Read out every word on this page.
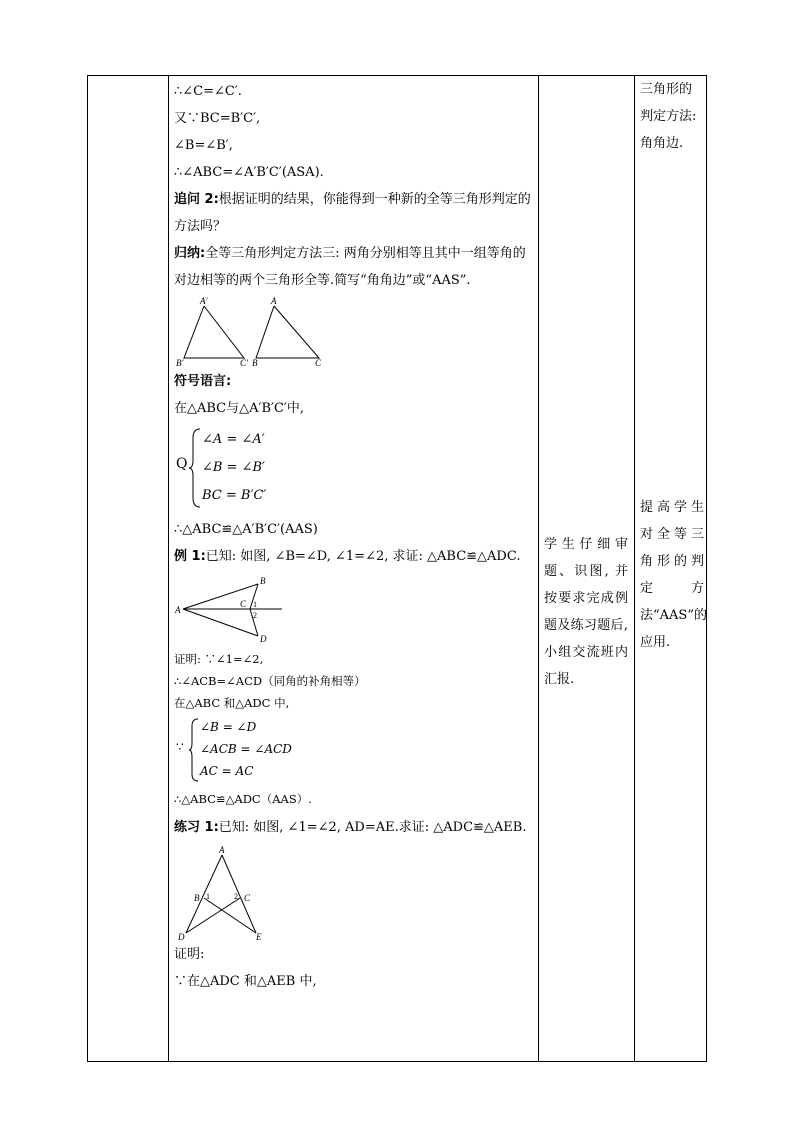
∴∠C=∠C′.
又∵BC=B′C′,
∠B=∠B′,
∴∠ABC=∠A′B′C′(ASA).
追问 2:根据证明的结果，你能得到一种新的全等三角形判定的方法吗？
归纳:全等三角形判定方法三: 两角分别相等且其中一组等角的对边相等的两个三角形全等.简写“角角边”或“AAS”.
A′
B′	C′
A
B	C
符号语言:
在△ABC与△A′B′C′中,
Q
∠A = ∠A′
∠B = ∠B′
BC = B′C′
∴△ABC≌△A′B′C′(AAS)
例 1:已知: 如图, ∠B=∠D, ∠1=∠2, 求证: △ABC≌△ADC.
A
B
C
D
1
2
证明: ∵∠1=∠2,
∴∠ACB=∠ACD（同角的补角相等）
在△ABC 和△ADC 中,
∵
∠B = ∠D
∠ACB = ∠ACD
AC = AC
∴△ABC≌△ADC（AAS）.
练习 1:已知: 如图, ∠1=∠2, AD=AE.求证: △ADC≌△AEB.
A
B	C
D	E
1	2
证明:
∵在△ADC 和△AEB 中,
学生仔细审题、识图, 并按要求完成例题及练习题后, 小组交流班内汇报.
三角形的判定方法: 角角边.
提高学生对全等三角形的判定方法“AAS”的应用.
